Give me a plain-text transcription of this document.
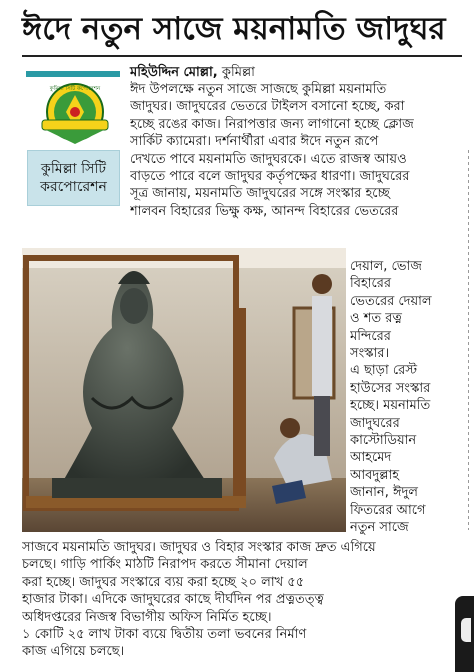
ঈদে নতুন সাজে ময়নামতি জাদুঘর
কুমিল্লা সিটি কর্পোরেশন
কুমিল্লা সিটি
করপোরেশন
মহিউদ্দিন মোল্লা, কুমিল্লা
ঈদ উপলক্ষে নতুন সাজে সাজছে কুমিল্লা ময়নামতি
জাদুঘর। জাদুঘরের ভেতরে টাইলস বসানো হচ্ছে, করা
হচ্ছে রঙের কাজ। নিরাপত্তার জন্য লাগানো হচ্ছে ক্লোজ
সার্কিট ক্যামেরা। দর্শনার্থীরা এবার ঈদে নতুন রূপে
দেখতে পাবে ময়নামতি জাদুঘরকে। এতে রাজস্ব আয়ও
বাড়তে পারে বলে জাদুঘর কর্তৃপক্ষের ধারণা। জাদুঘরের
সূত্র জানায়, ময়নামতি জাদুঘরের সঙ্গে সংস্কার হচ্ছে
শালবন বিহারের ভিক্ষু কক্ষ, আনন্দ বিহারের ভেতরের
দেয়াল, ভোজ
বিহারের
ভেতরের দেয়াল
ও শত রত্ন
মন্দিরের
সংস্কার।
এ ছাড়া রেস্ট
হাউসের সংস্কার
হচ্ছে। ময়নামতি
জাদুঘরের
কাস্টোডিয়ান
আহমেদ
আবদুল্লাহ
জানান, ঈদুল
ফিতরের আগে
নতুন সাজে
সাজবে ময়নামতি জাদুঘর। জাদুঘর ও বিহার সংস্কার কাজ দ্রুত এগিয়ে
চলছে। গাড়ি পার্কিং মাঠটি নিরাপদ করতে সীমানা দেয়াল
করা হচ্ছে। জাদুঘর সংস্কারে ব্যয় করা হচ্ছে ২০ লাখ ৫৫
হাজার টাকা। এদিকে জাদুঘরের কাছে দীর্ঘদিন পর প্রত্নতত্ত্ব
অধিদপ্তরের নিজস্ব বিভাগীয় অফিস নির্মিত হচ্ছে।
১ কোটি ২৫ লাখ টাকা ব্যয়ে দ্বিতীয় তলা ভবনের নির্মাণ
কাজ এগিয়ে চলছে।
